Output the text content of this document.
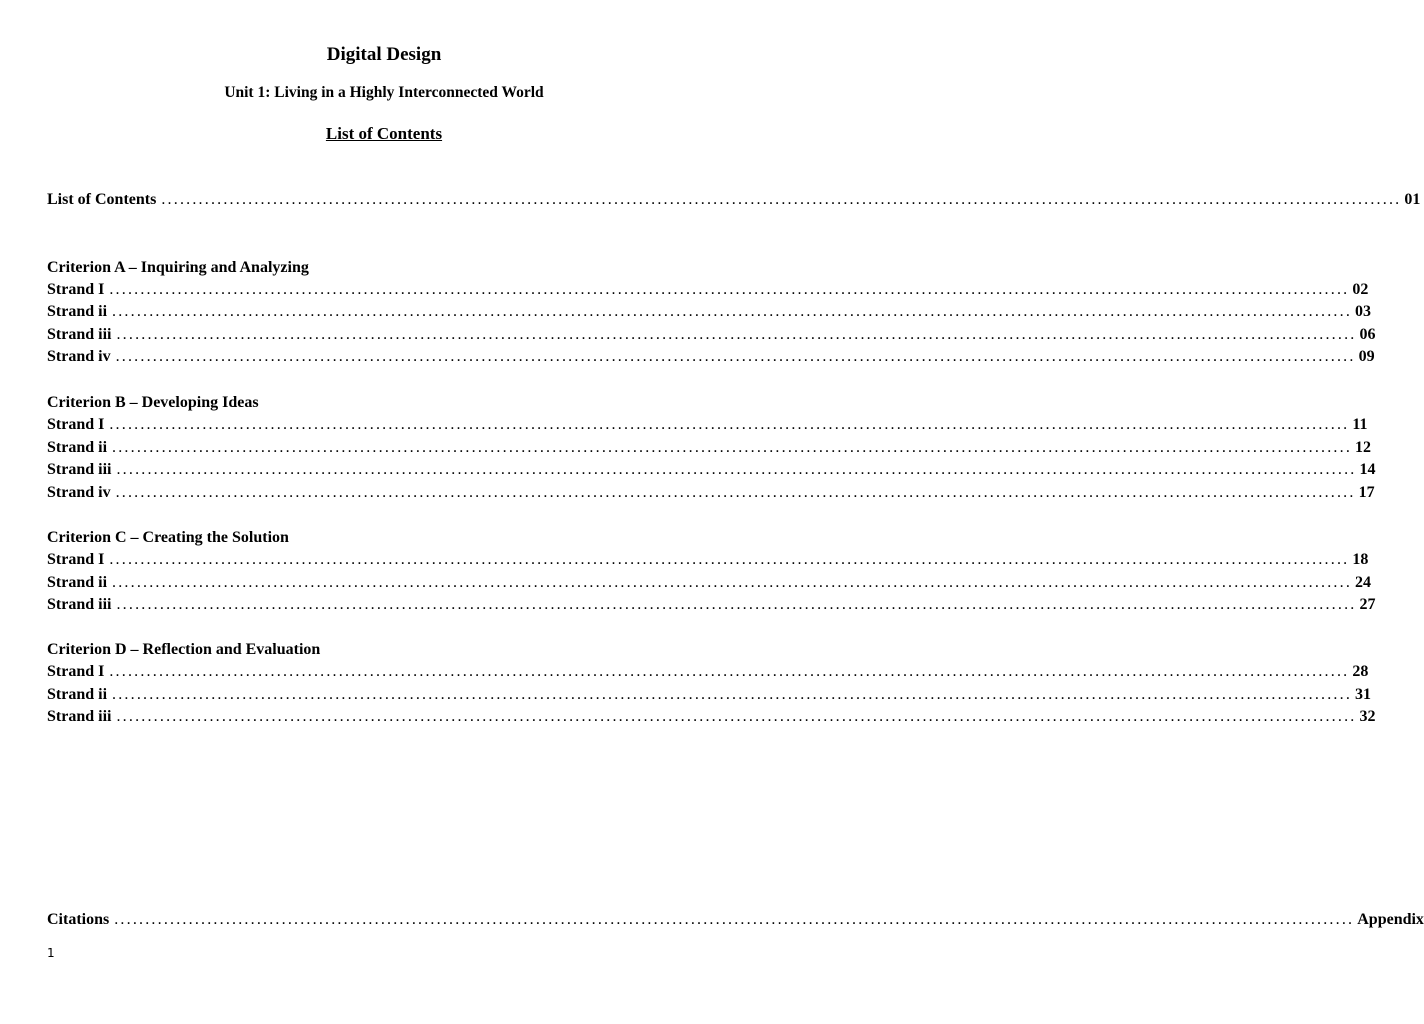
Digital Design
Unit 1: Living in a Highly Interconnected World
List of Contents
List of Contents ........................................................................................................................................................................................................ 01
Criterion A – Inquiring and Analyzing
Strand I ........................................................................................................................................................................................................ 02
Strand ii ........................................................................................................................................................................................................ 03
Strand iii ........................................................................................................................................................................................................ 06
Strand iv ........................................................................................................................................................................................................ 09
Criterion B – Developing Ideas
Strand I ........................................................................................................................................................................................................ 11
Strand ii ........................................................................................................................................................................................................ 12
Strand iii ........................................................................................................................................................................................................ 14
Strand iv ........................................................................................................................................................................................................ 17
Criterion C – Creating the Solution
Strand I ........................................................................................................................................................................................................ 18
Strand ii ........................................................................................................................................................................................................ 24
Strand iii ........................................................................................................................................................................................................ 27
Criterion D – Reflection and Evaluation
Strand I ........................................................................................................................................................................................................ 28
Strand ii ........................................................................................................................................................................................................ 31
Strand iii ........................................................................................................................................................................................................ 32
Citations ........................................................................................................................................................................................................ Appendix
1
